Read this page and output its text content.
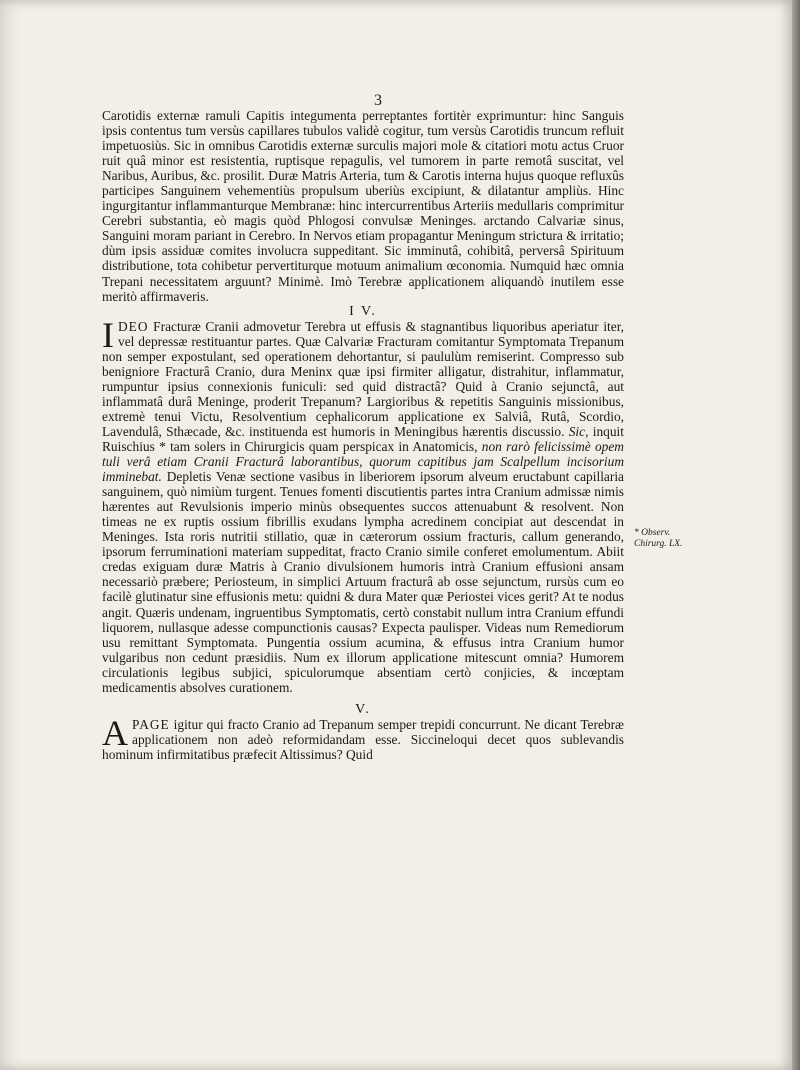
3

Carotidis externæ ramuli Capitis integumenta perreptantes fortitèr exprimuntur: hinc Sanguis ipsis contentus tum versùs capillares tubulos validè cogitur, tum versùs Carotidis truncum refluit impetuosiùs. Sic in omnibus Carotidis externæ surculis majori mole & citatiori motu actus Cruor ruit quâ minor est resistentia, ruptisque repagulis, vel tumorem in parte remotâ suscitat, vel Naribus, Auribus, &c. prosilit. Duræ Matris Arteria, tum & Carotis interna hujus quoque refluxûs participes Sanguinem vehementiùs propulsum uberiùs excipiunt, & dilatantur ampliùs. Hinc ingurgitantur inflammanturque Membranæ: hinc intercurrentibus Arteriis medullaris comprimitur Cerebri substantia, eò magis quòd Phlogosi convulsæ Meninges. arctando Calvariæ sinus, Sanguini moram pariant in Cerebro. In Nervos etiam propagantur Meningum strictura & irritatio; dùm ipsis assiduæ comites involucra suppeditant. Sic imminutâ, cohibitâ, perversâ Spirituum distributione, tota cohibetur pervertiturque motuum animalium œconomia. Numquid hæc omnia Trepani necessitatem arguunt? Minimè. Imò Terebræ applicationem aliquandò inutilem esse meritò affirmaveris.

I V.

I DEO Fracturæ Cranii admovetur Terebra ut effusis & stagnantibus liquoribus aperiatur iter, vel depressæ restituantur partes. Quæ Calvariæ Fracturam comitantur Symptomata Trepanum non semper expostulant, sed operationem dehortantur, si paululùm remiserint. Compresso sub benigniore Fracturâ Cranio, dura Meninx quæ ipsi firmiter alligatur, distrahitur, inflammatur, rumpuntur ipsius connexionis funiculi: sed quid distractâ? Quid à Cranio sejunctâ, aut inflammatâ durâ Meninge, proderit Trepanum? Largioribus & repetitis Sanguinis missionibus, extremè tenui Victu, Resolventium cephalicorum applicatione ex Salviâ, Rutâ, Scordio, Lavendulâ, Sthæcade, &c. instituenda est humoris in Meningibus hærentis discussio. Sic, inquit Ruischius * tam solers in Chirurgicis quam perspicax in Anatomicis, non rarò felicissimè opem tuli verâ etiam Cranii Fracturâ laborantibus, quorum capitibus jam Scalpellum incisorium imminebat. Depletis Venæ sectione vasibus in liberiorem ipsorum alveum eructabunt capillaria sanguinem, quò nimiùm turgent. Tenues fomenti discutientis partes intra Cranium admissæ nimis hærentes aut Revulsionis imperio minùs obsequentes succos attenuabunt & resolvent. Non timeas ne ex ruptis ossium fibrillis exudans lympha acredinem concipiat aut descendat in Meninges. Ista roris nutritii stillatio, quæ in cæterorum ossium fracturis, callum generando, ipsorum ferruminationi materiam suppeditat, fracto Cranio simile conferet emolumentum. Abiit credas exiguam duræ Matris à Cranio divulsionem humoris intrà Cranium effusioni ansam necessariò præbere; Periosteum, in simplici Artuum fracturâ ab osse sejunctum, rursùs cum eo facilè glutinatur sine effusionis metu: quidni & dura Mater quæ Periostei vices gerit? At te nodus angit. Quæris undenam, ingruentibus Symptomatis, certò constabit nullum intra Cranium effundi liquorem, nullasque adesse compunctionis causas? Expecta paulisper. Videas num Remediorum usu remittant Symptomata. Pungentia ossium acumina, & effusus intra Cranium humor vulgaribus non cedunt præsidiis. Num ex illorum applicatione mitescunt omnia? Humorem circulationis legibus subjici, spiculorumque absentiam certò conjicies, & incœptam medicamentis absolves curationem.

V.

A PAGE igitur qui fracto Cranio ad Trepanum semper trepidi concurrunt. Ne dicant Terebræ applicationem non adeò reformidandam esse. Siccineloqui decet quos sublevandis hominum infirmitatibus præfecit Altissimus? Quid

* Observ. Chirurg. LX.
